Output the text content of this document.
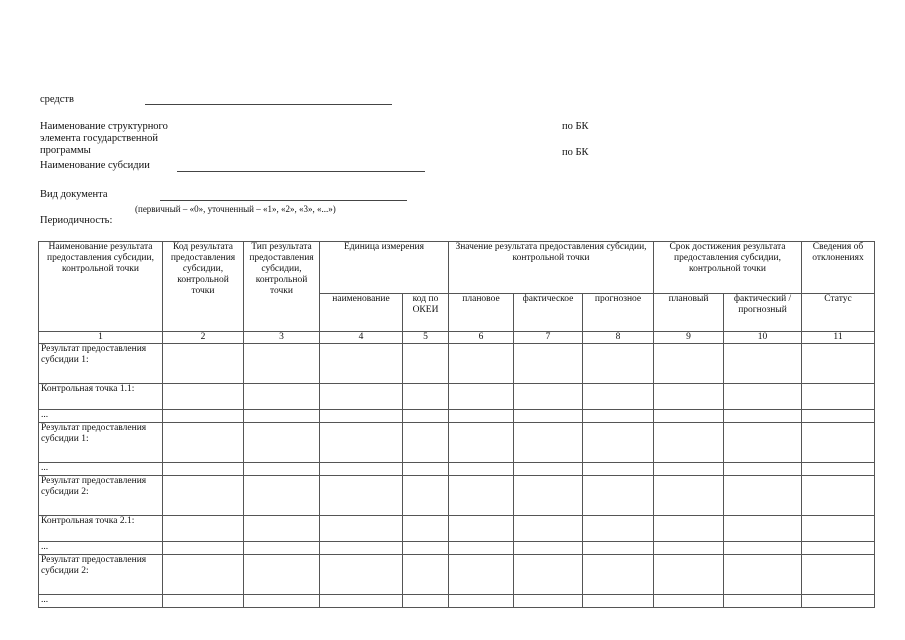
средств
Наименование структурного
элемента государственной
программы
по БК
по БК
Наименование субсидии
Вид документа
(первичный – «0», уточненный – «1», «2», «3», «...»)
Периодичность:
Наименование результата предоставления субсидии, контрольной точки	Код результата предоставления субсидии, контрольной точки	Тип результата предоставления субсидии, контрольной точки	Единица измерения		Значение результата предоставления субсидии, контрольной точки			Срок достижения результата предоставления субсидии, контрольной точки		Сведения об отклонениях
			наименование	код по ОКЕИ	плановое	фактическое	прогнозное	плановый	фактический / прогнозный	Статус
1	2	3	4	5	6	7	8	9	10	11
Результат предоставления субсидии 1:										
Контрольная точка 1.1:										
...										
Результат предоставления субсидии 1:										
...										
Результат предоставления субсидии 2:										
Контрольная точка 2.1:										
...										
Результат предоставления субсидии 2:										
...										
